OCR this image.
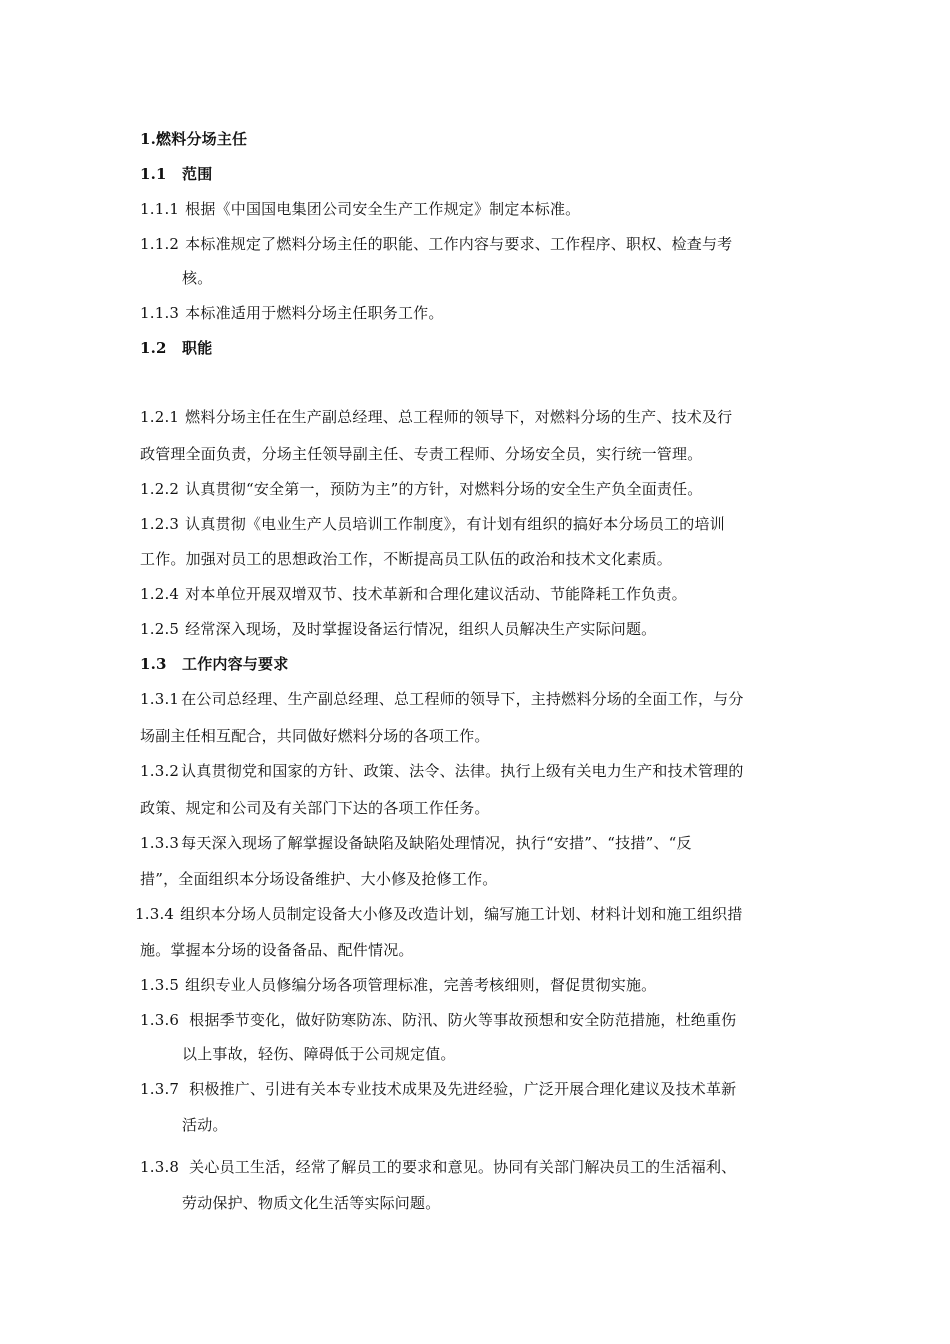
1.燃料分场主任
1.1 范围
1.1.1 根据《中国国电集团公司安全生产工作规定》制定本标准。
1.1.2 本标准规定了燃料分场主任的职能、工作内容与要求、工作程序、职权、检查与考
核。
1.1.3 本标准适用于燃料分场主任职务工作。
1.2 职能
1.2.1 燃料分场主任在生产副总经理、总工程师的领导下，对燃料分场的生产、技术及行
政管理全面负责，分场主任领导副主任、专责工程师、分场安全员，实行统一管理。
1.2.2 认真贯彻“安全第一，预防为主”的方针，对燃料分场的安全生产负全面责任。
1.2.3 认真贯彻《电业生产人员培训工作制度》，有计划有组织的搞好本分场员工的培训
工作。加强对员工的思想政治工作，不断提高员工队伍的政治和技术文化素质。
1.2.4 对本单位开展双增双节、技术革新和合理化建议活动、节能降耗工作负责。
1.2.5 经常深入现场，及时掌握设备运行情况，组织人员解决生产实际问题。
1.3 工作内容与要求
1.3.1 在公司总经理、生产副总经理、总工程师的领导下，主持燃料分场的全面工作，与分
场副主任相互配合，共同做好燃料分场的各项工作。
1.3.2 认真贯彻党和国家的方针、政策、法令、法律。执行上级有关电力生产和技术管理的
政策、规定和公司及有关部门下达的各项工作任务。
1.3.3 每天深入现场了解掌握设备缺陷及缺陷处理情况，执行“安措”、“技措”、“反
措”，全面组织本分场设备维护、大小修及抢修工作。
1.3.4 组织本分场人员制定设备大小修及改造计划，编写施工计划、材料计划和施工组织措
施。掌握本分场的设备备品、配件情况。
1.3.5 组织专业人员修编分场各项管理标准，完善考核细则，督促贯彻实施。
1.3.6 根据季节变化，做好防寒防冻、防汛、防火等事故预想和安全防范措施，杜绝重伤
以上事故，轻伤、障碍低于公司规定值。
1.3.7 积极推广、引进有关本专业技术成果及先进经验，广泛开展合理化建议及技术革新
活动。
1.3.8 关心员工生活，经常了解员工的要求和意见。协同有关部门解决员工的生活福利、
劳动保护、物质文化生活等实际问题。
